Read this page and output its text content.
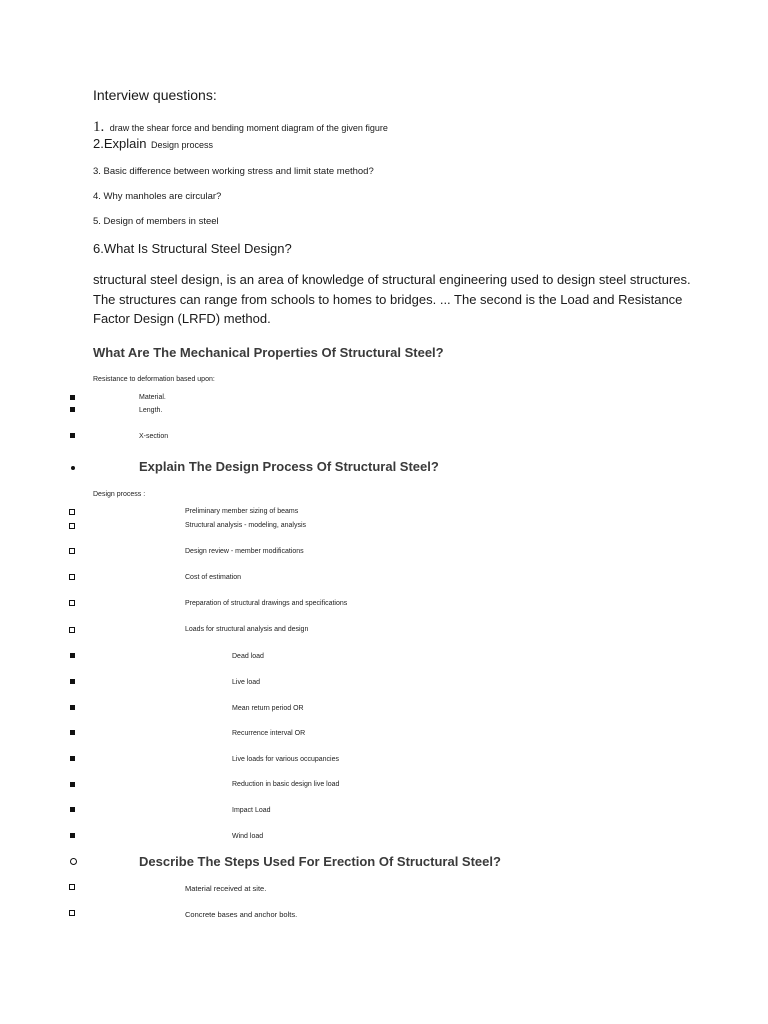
Interview questions:
1. draw the shear force and bending moment diagram of the given figure
2.Explain Design process
3. Basic difference between working stress and limit state method?
4. Why manholes are circular?
5. Design of members in steel
6.What Is Structural Steel Design?
structural steel design, is an area of knowledge of structural engineering used to design steel structures. The structures can range from schools to homes to bridges. ... The second is the Load and Resistance Factor Design (LRFD) method.
What Are The Mechanical Properties Of Structural Steel?
Resistance to deformation based upon:
Material.
Length.
X-section
Explain The Design Process Of Structural Steel?
Design process :
Preliminary member sizing of beams
Structural analysis - modeling, analysis
Design review - member modifications
Cost of estimation
Preparation of structural drawings and specifications
Loads for structural analysis and design
Dead load
Live load
Mean return period OR
Recurrence interval OR
Live loads for various occupancies
Reduction in basic design live load
Impact Load
Wind load
Describe The Steps Used For Erection Of Structural Steel?
Material received at site.
Concrete bases and anchor bolts.
